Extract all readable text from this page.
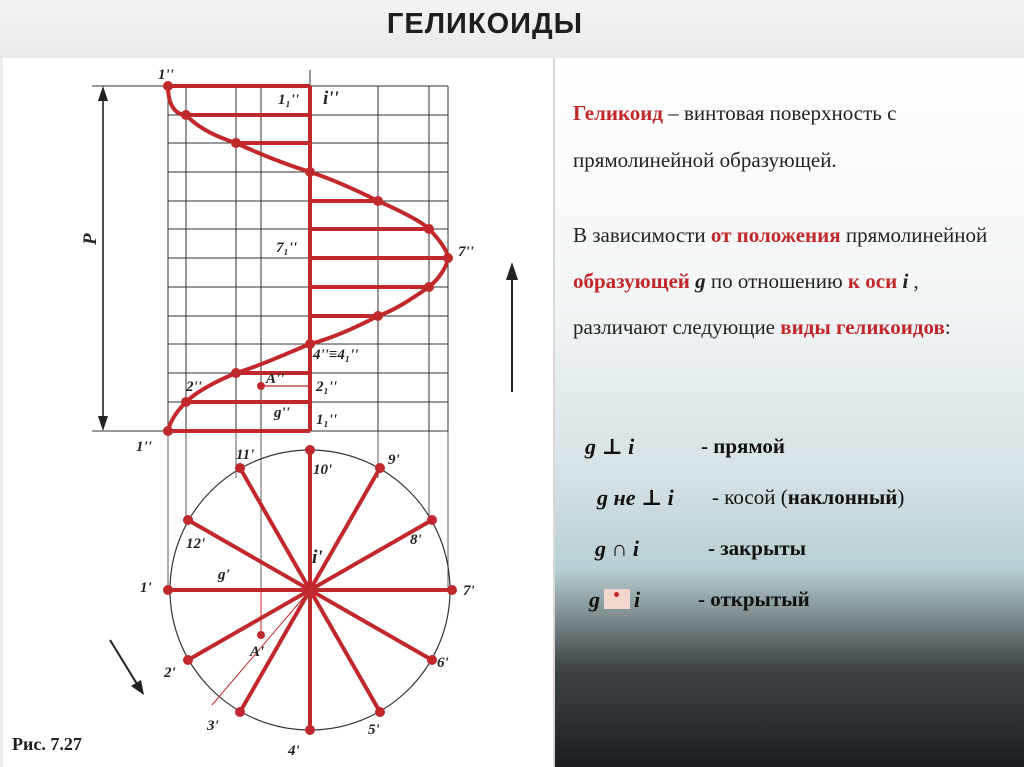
ГЕЛИКОИДЫ
1''
1₁'' i''
P
7₁''	7''
4''≡4₁''
A''
2''	2₁''
g'' 1₁''
1''	11'
10'
9'
12'	8'
g'
i'
1'	7'
A'
2'
6'
3'	5'
4'
Рис. 7.27
Геликоид – винтовая поверхность с прямолинейной образующей.
В зависимости от положения прямолинейной образующей g по отношению к оси i , различают следующие виды геликоидов:
g ⊥ i	- прямой
g не ⊥ i - косой (наклонный)
g ∩ i	- закрыты
g i	- открытый
